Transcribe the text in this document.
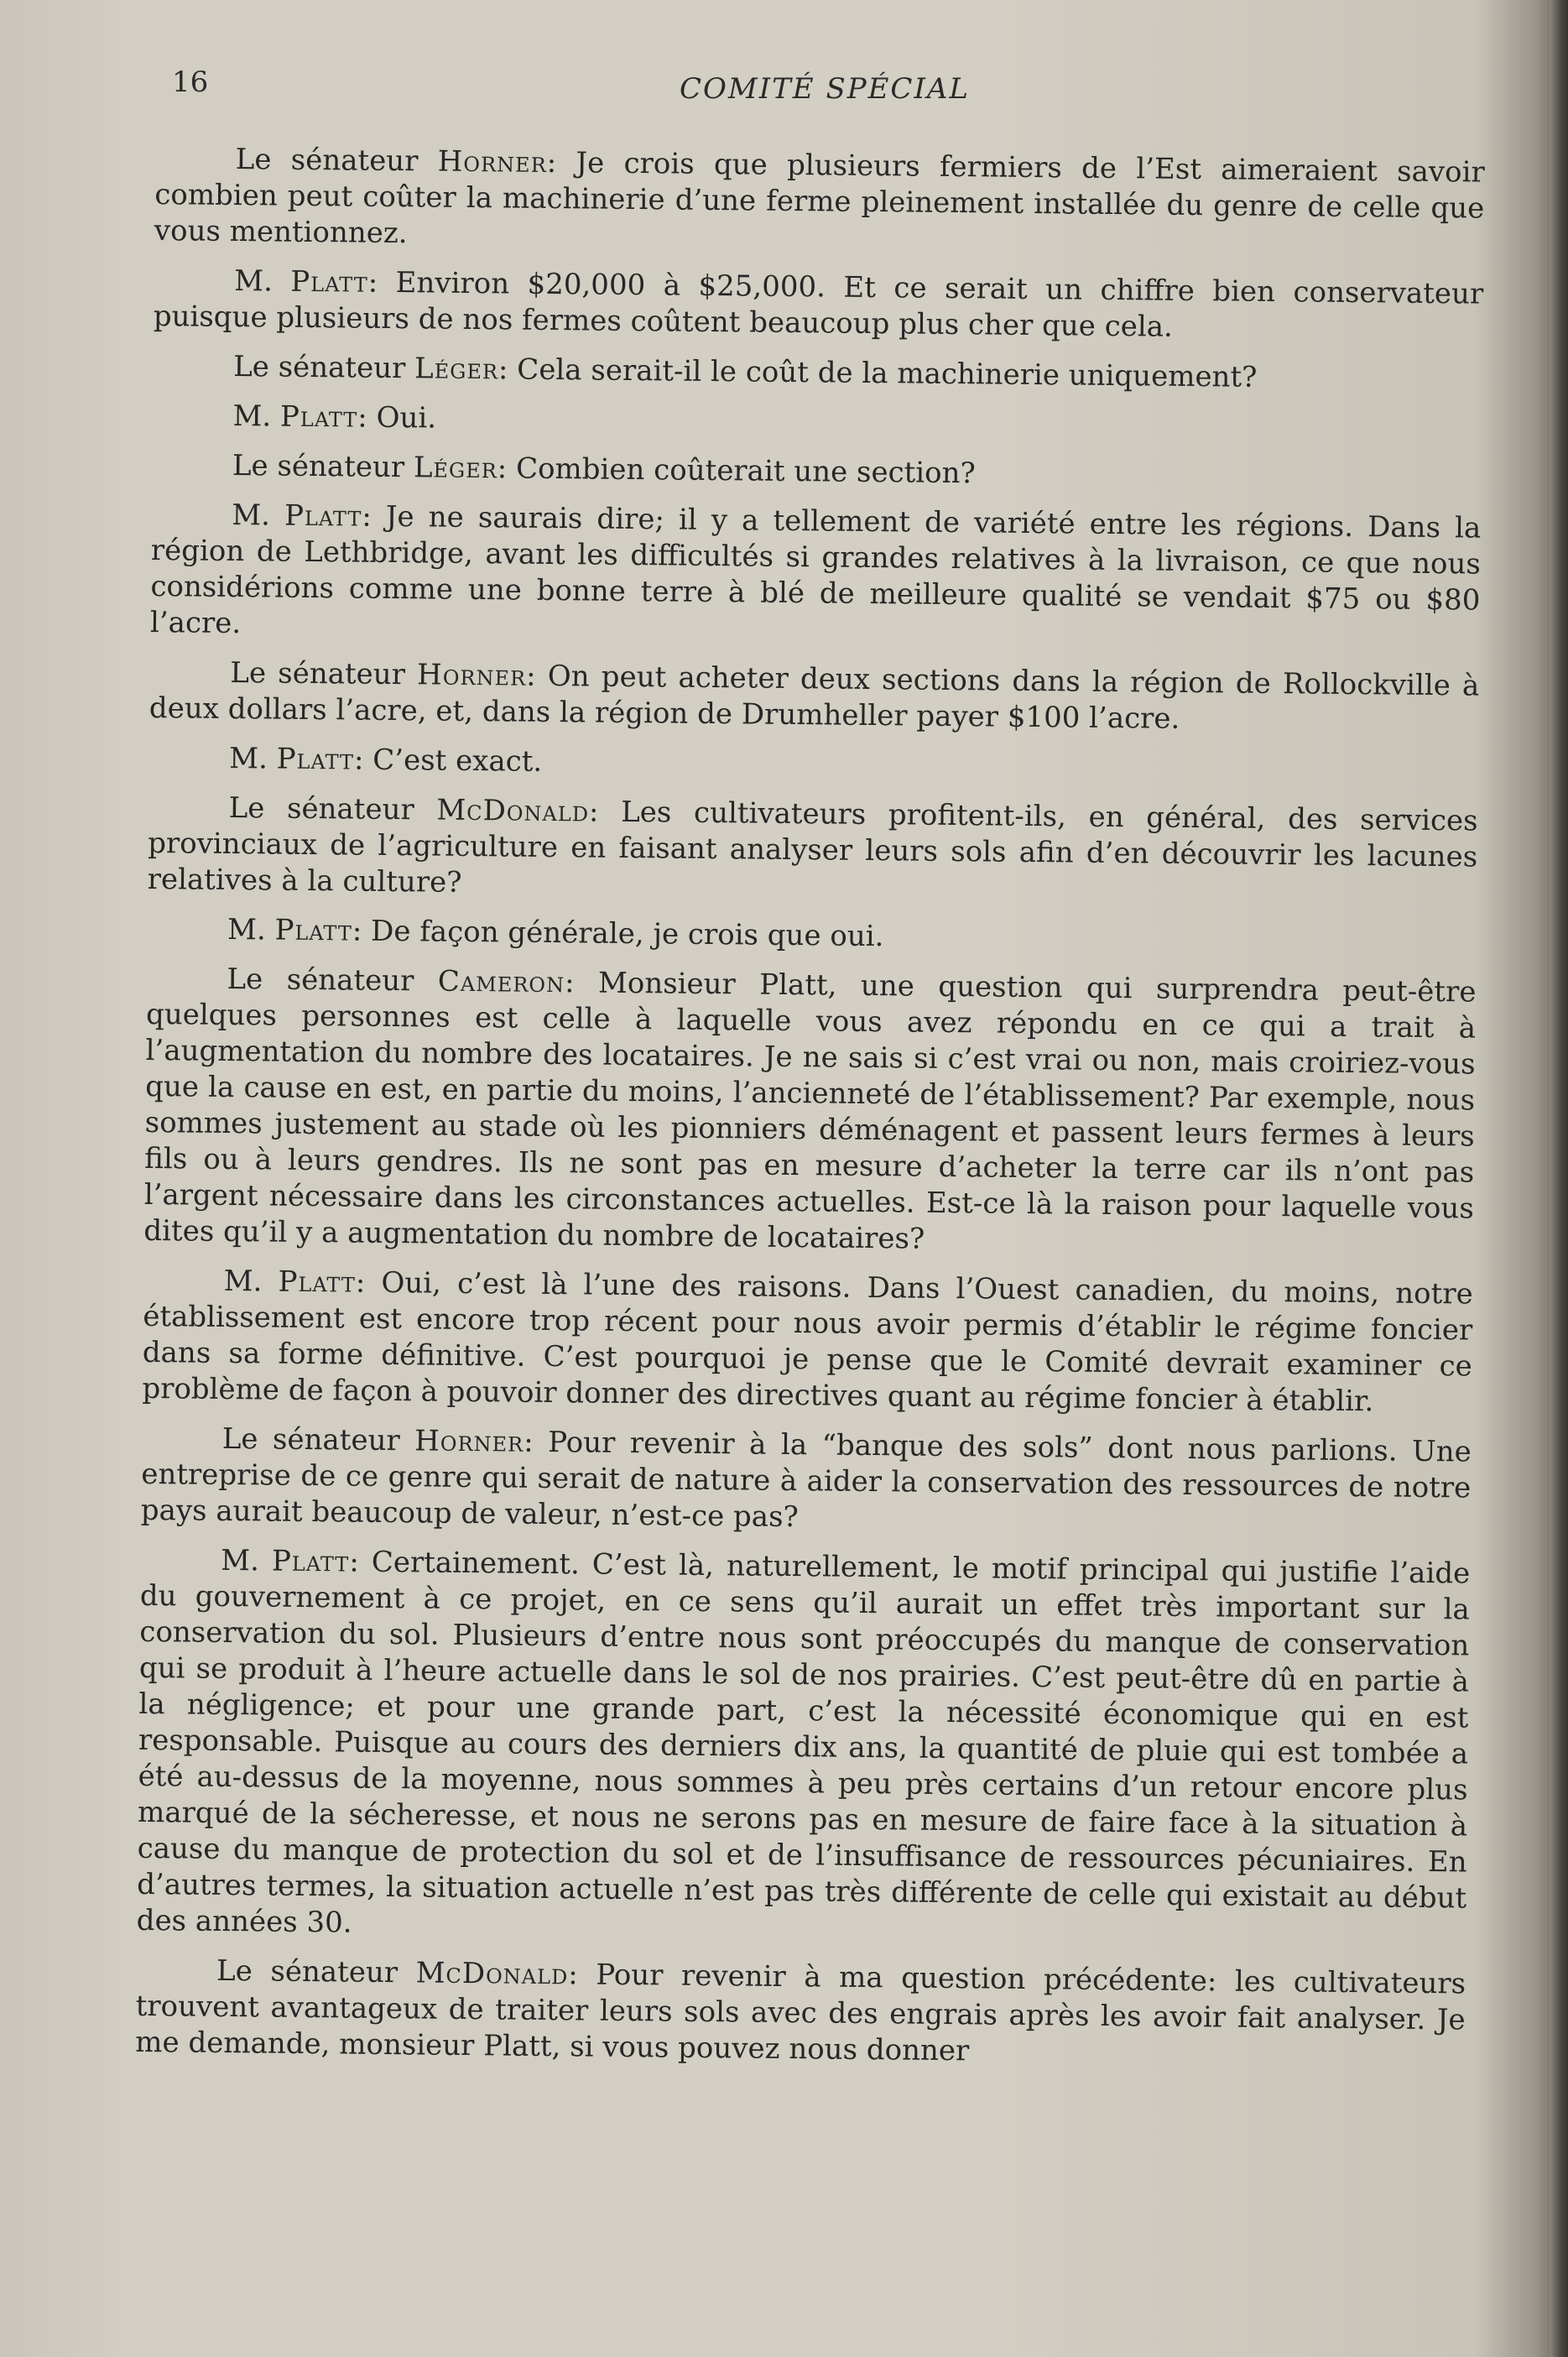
16	COMITÉ SPÉCIAL

Le sénateur Horner: Je crois que plusieurs fermiers de l’Est aimeraient savoir combien peut coûter la machinerie d’une ferme pleinement installée du genre de celle que vous mentionnez.

M. Platt: Environ $20,000 à $25,000. Et ce serait un chiffre bien conservateur puisque plusieurs de nos fermes coûtent beaucoup plus cher que cela.

Le sénateur Léger: Cela serait-il le coût de la machinerie uniquement?

M. Platt: Oui.

Le sénateur Léger: Combien coûterait une section?

M. Platt: Je ne saurais dire; il y a tellement de variété entre les régions. Dans la région de Lethbridge, avant les difficultés si grandes relatives à la livraison, ce que nous considérions comme une bonne terre à blé de meilleure qualité se vendait $75 ou $80 l’acre.

Le sénateur Horner: On peut acheter deux sections dans la région de Rollockville à deux dollars l’acre, et, dans la région de Drumheller payer $100 l’acre.

M. Platt: C’est exact.

Le sénateur McDonald: Les cultivateurs profitent-ils, en général, des services provinciaux de l’agriculture en faisant analyser leurs sols afin d’en découvrir les lacunes relatives à la culture?

M. Platt: De façon générale, je crois que oui.

Le sénateur Cameron: Monsieur Platt, une question qui surprendra peut-être quelques personnes est celle à laquelle vous avez répondu en ce qui a trait à l’augmentation du nombre des locataires. Je ne sais si c’est vrai ou non, mais croiriez-vous que la cause en est, en partie du moins, l’ancienneté de l’établissement? Par exemple, nous sommes justement au stade où les pionniers déménagent et passent leurs fermes à leurs fils ou à leurs gendres. Ils ne sont pas en mesure d’acheter la terre car ils n’ont pas l’argent nécessaire dans les circonstances actuelles. Est-ce là la raison pour laquelle vous dites qu’il y a augmentation du nombre de locataires?

M. Platt: Oui, c’est là l’une des raisons. Dans l’Ouest canadien, du moins, notre établissement est encore trop récent pour nous avoir permis d’établir le régime foncier dans sa forme définitive. C’est pourquoi je pense que le Comité devrait examiner ce problème de façon à pouvoir donner des directives quant au régime foncier à établir.

Le sénateur Horner: Pour revenir à la “banque des sols” dont nous parlions. Une entreprise de ce genre qui serait de nature à aider la conservation des ressources de notre pays aurait beaucoup de valeur, n’est-ce pas?

M. Platt: Certainement. C’est là, naturellement, le motif principal qui justifie l’aide du gouvernement à ce projet, en ce sens qu’il aurait un effet très important sur la conservation du sol. Plusieurs d’entre nous sont préoccupés du manque de conservation qui se produit à l’heure actuelle dans le sol de nos prairies. C’est peut-être dû en partie à la négligence; et pour une grande part, c’est la nécessité économique qui en est responsable. Puisque au cours des derniers dix ans, la quantité de pluie qui est tombée a été au-dessus de la moyenne, nous sommes à peu près certains d’un retour encore plus marqué de la sécheresse, et nous ne serons pas en mesure de faire face à la situation à cause du manque de protection du sol et de l’insuffisance de ressources pécuniaires. En d’autres termes, la situation actuelle n’est pas très différente de celle qui existait au début des années 30.

Le sénateur McDonald: Pour revenir à ma question précédente: les cultivateurs trouvent avantageux de traiter leurs sols avec des engrais après les avoir fait analyser. Je me demande, monsieur Platt, si vous pouvez nous donner
